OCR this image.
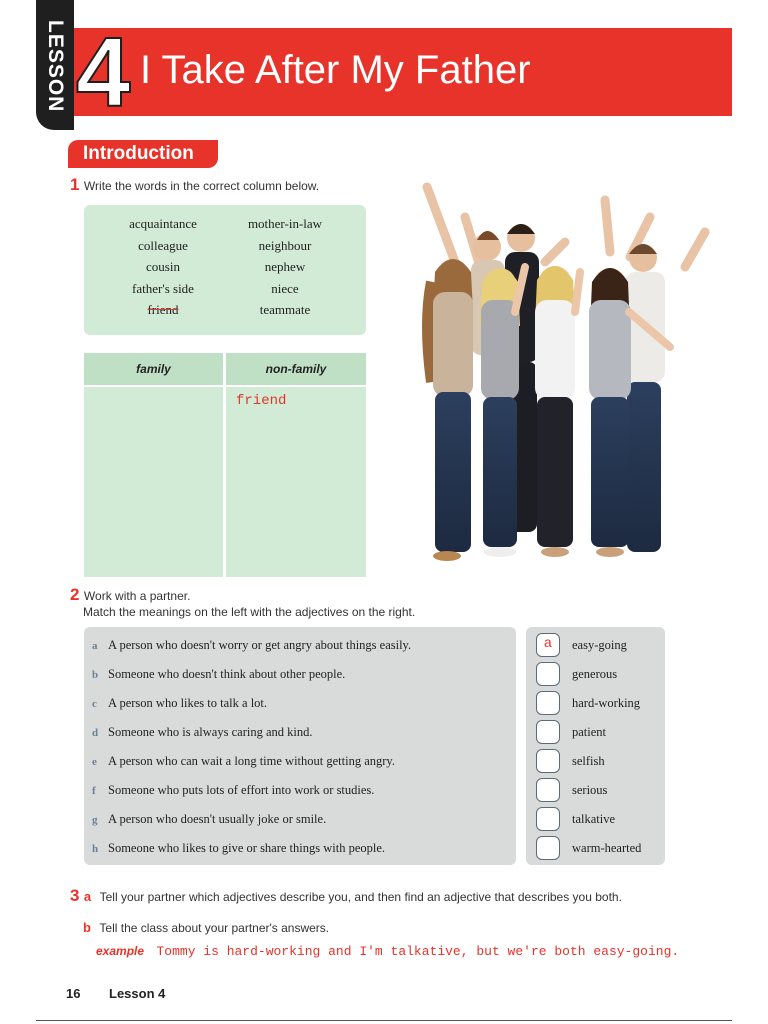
LESSON 4 I Take After My Father
Introduction
1 Write the words in the correct column below.
acquaintance
colleague
cousin
father's side
friend
mother-in-law
neighbour
nephew
niece
teammate
family	non-family
friend
2 Work with a partner.
Match the meanings on the left with the adjectives on the right.
a A person who doesn't worry or get angry about things easily.
b Someone who doesn't think about other people.
c A person who likes to talk a lot.
d Someone who is always caring and kind.
e A person who can wait a long time without getting angry.
f Someone who puts lots of effort into work or studies.
g A person who doesn't usually joke or smile.
h Someone who likes to give or share things with people.
a	easy-going
generous
hard-working
patient
selfish
serious
talkative
warm-hearted
3 a Tell your partner which adjectives describe you, and then find an adjective that describes you both.
b Tell the class about your partner's answers.
example Tommy is hard-working and I'm talkative, but we're both easy-going.
16 Lesson 4
